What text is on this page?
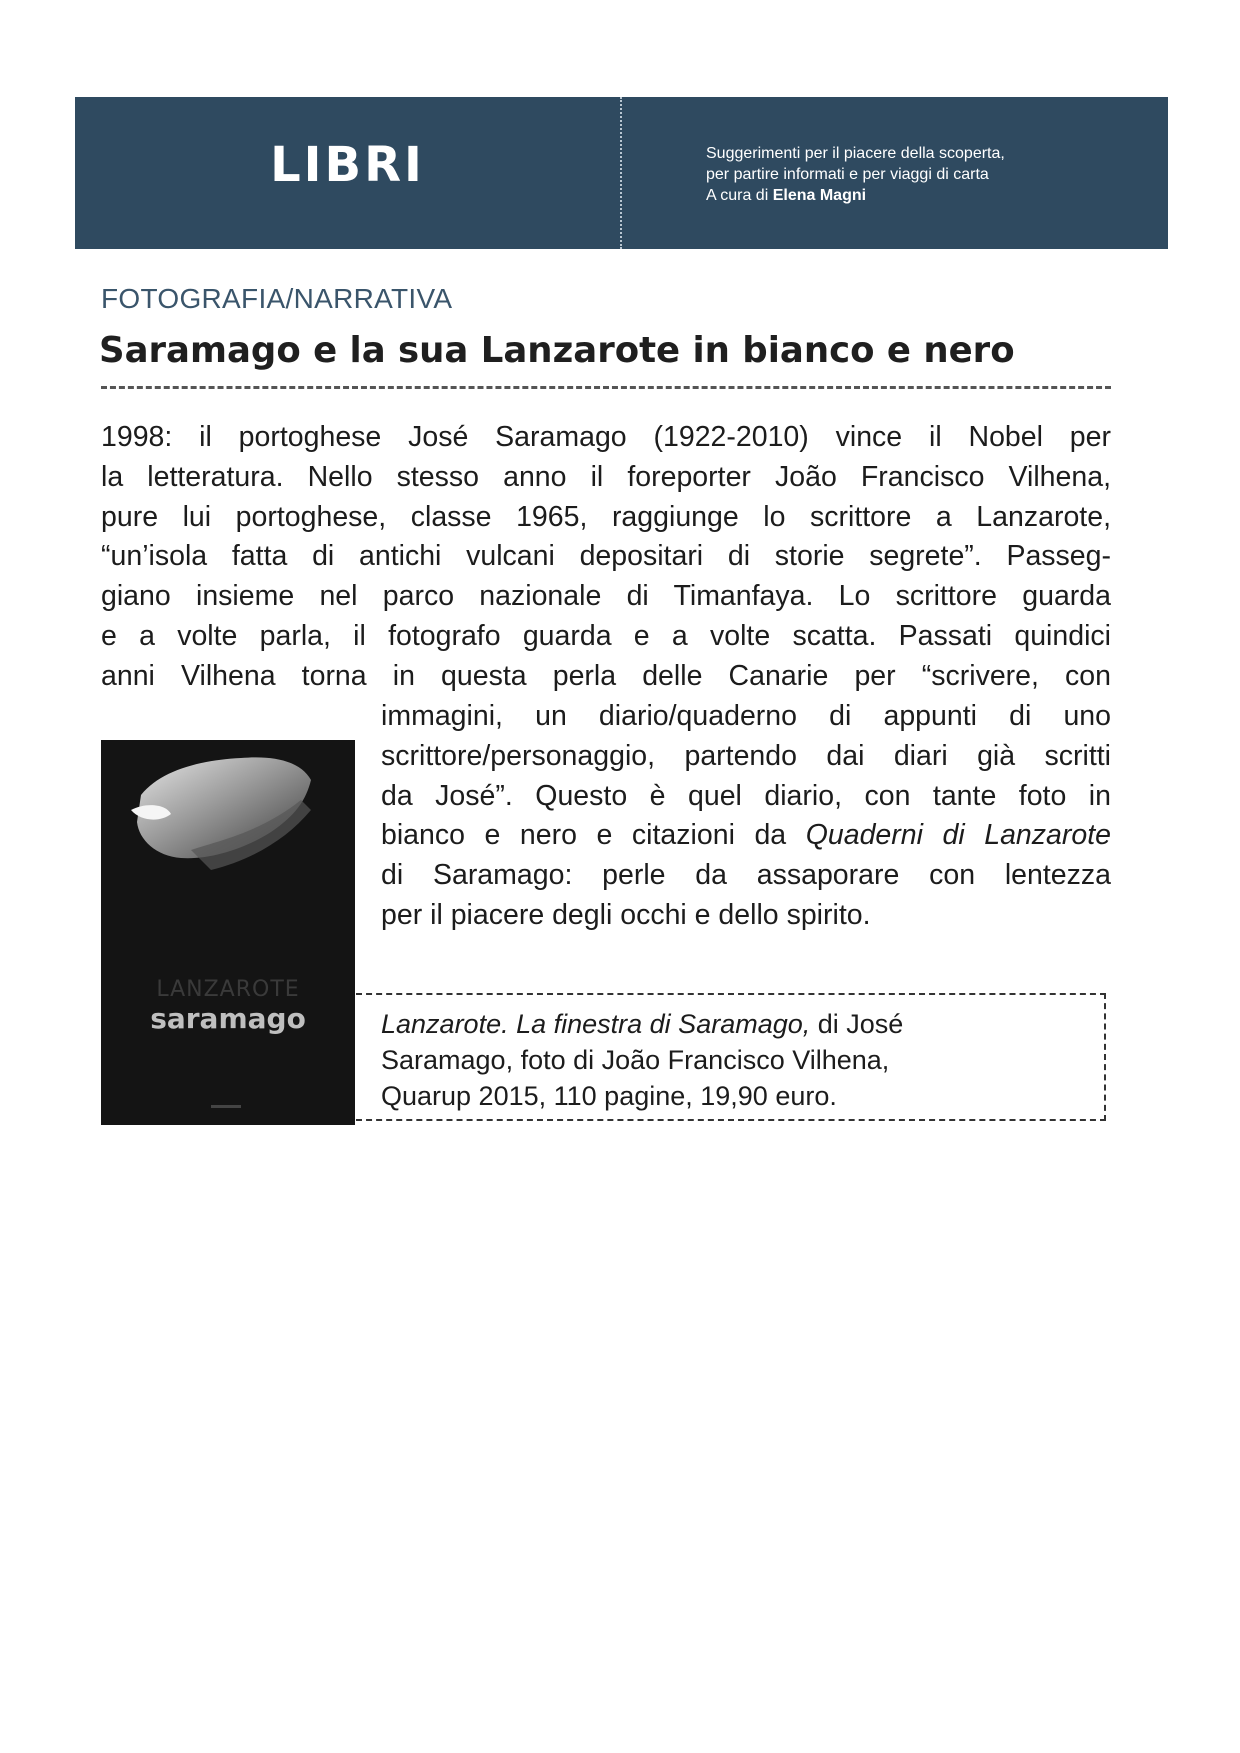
LIBRI	Suggerimenti per il piacere della scoperta,
per partire informati e per viaggi di carta
A cura di Elena Magni
FOTOGRAFIA/NARRATIVA
Saramago e la sua Lanzarote in bianco e nero
1998: il portoghese José Saramago (1922-2010) vince il Nobel per
la letteratura. Nello stesso anno il foreporter João Francisco Vilhena,
pure lui portoghese, classe 1965, raggiunge lo scrittore a Lanzarote,
“un’isola fatta di antichi vulcani depositari di storie segrete”. Passeg-
giano insieme nel parco nazionale di Timanfaya. Lo scrittore guarda
e a volte parla, il fotografo guarda e a volte scatta. Passati quindici
anni Vilhena torna in questa perla delle Canarie per “scrivere, con
immagini, un diario/quaderno di appunti di uno
scrittore/personaggio, partendo dai diari già scritti
da José”. Questo è quel diario, con tante foto in
bianco e nero e citazioni da Quaderni di Lanzarote
di Saramago: perle da assaporare con lentezza
per il piacere degli occhi e dello spirito.
LANZAROTE
saramago	Lanzarote. La finestra di Saramago, di José
Saramago, foto di João Francisco Vilhena,
Quarup 2015, 110 pagine, 19,90 euro.
